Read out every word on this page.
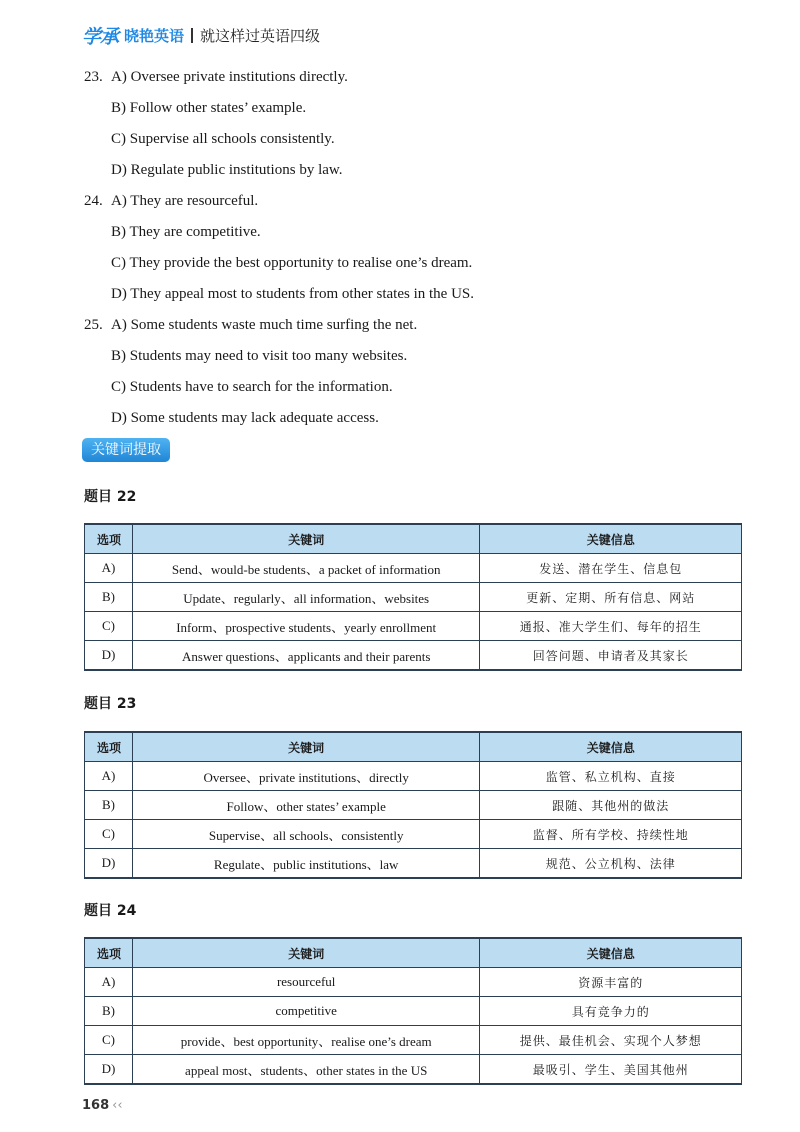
学承 晓艳英语 就这样过英语四级
23. A) Oversee private institutions directly.
B) Follow other states’ example.
C) Supervise all schools consistently.
D) Regulate public institutions by law.
24. A) They are resourceful.
B) They are competitive.
C) They provide the best opportunity to realise one’s dream.
D) They appeal most to students from other states in the US.
25. A) Some students waste much time surfing the net.
B) Students may need to visit too many websites.
C) Students have to search for the information.
D) Some students may lack adequate access.
关键词提取
题目 22
选项	关键词	关键信息
A)	Send、would-be students、a packet of information	发送、潜在学生、信息包
B)	Update、regularly、all information、websites	更新、定期、所有信息、网站
C)	Inform、prospective students、yearly enrollment	通报、准大学生们、每年的招生
D)	Answer questions、applicants and their parents	回答问题、申请者及其家长
题目 23
选项	关键词	关键信息
A)	Oversee、private institutions、directly	监管、私立机构、直接
B)	Follow、other states’ example	跟随、其他州的做法
C)	Supervise、all schools、consistently	监督、所有学校、持续性地
D)	Regulate、public institutions、law	规范、公立机构、法律
题目 24
选项	关键词	关键信息
A)	resourceful	资源丰富的
B)	competitive	具有竞争力的
C)	provide、best opportunity、realise one’s dream	提供、最佳机会、实现个人梦想
D)	appeal most、students、other states in the US	最吸引、学生、美国其他州
168 ‹‹
